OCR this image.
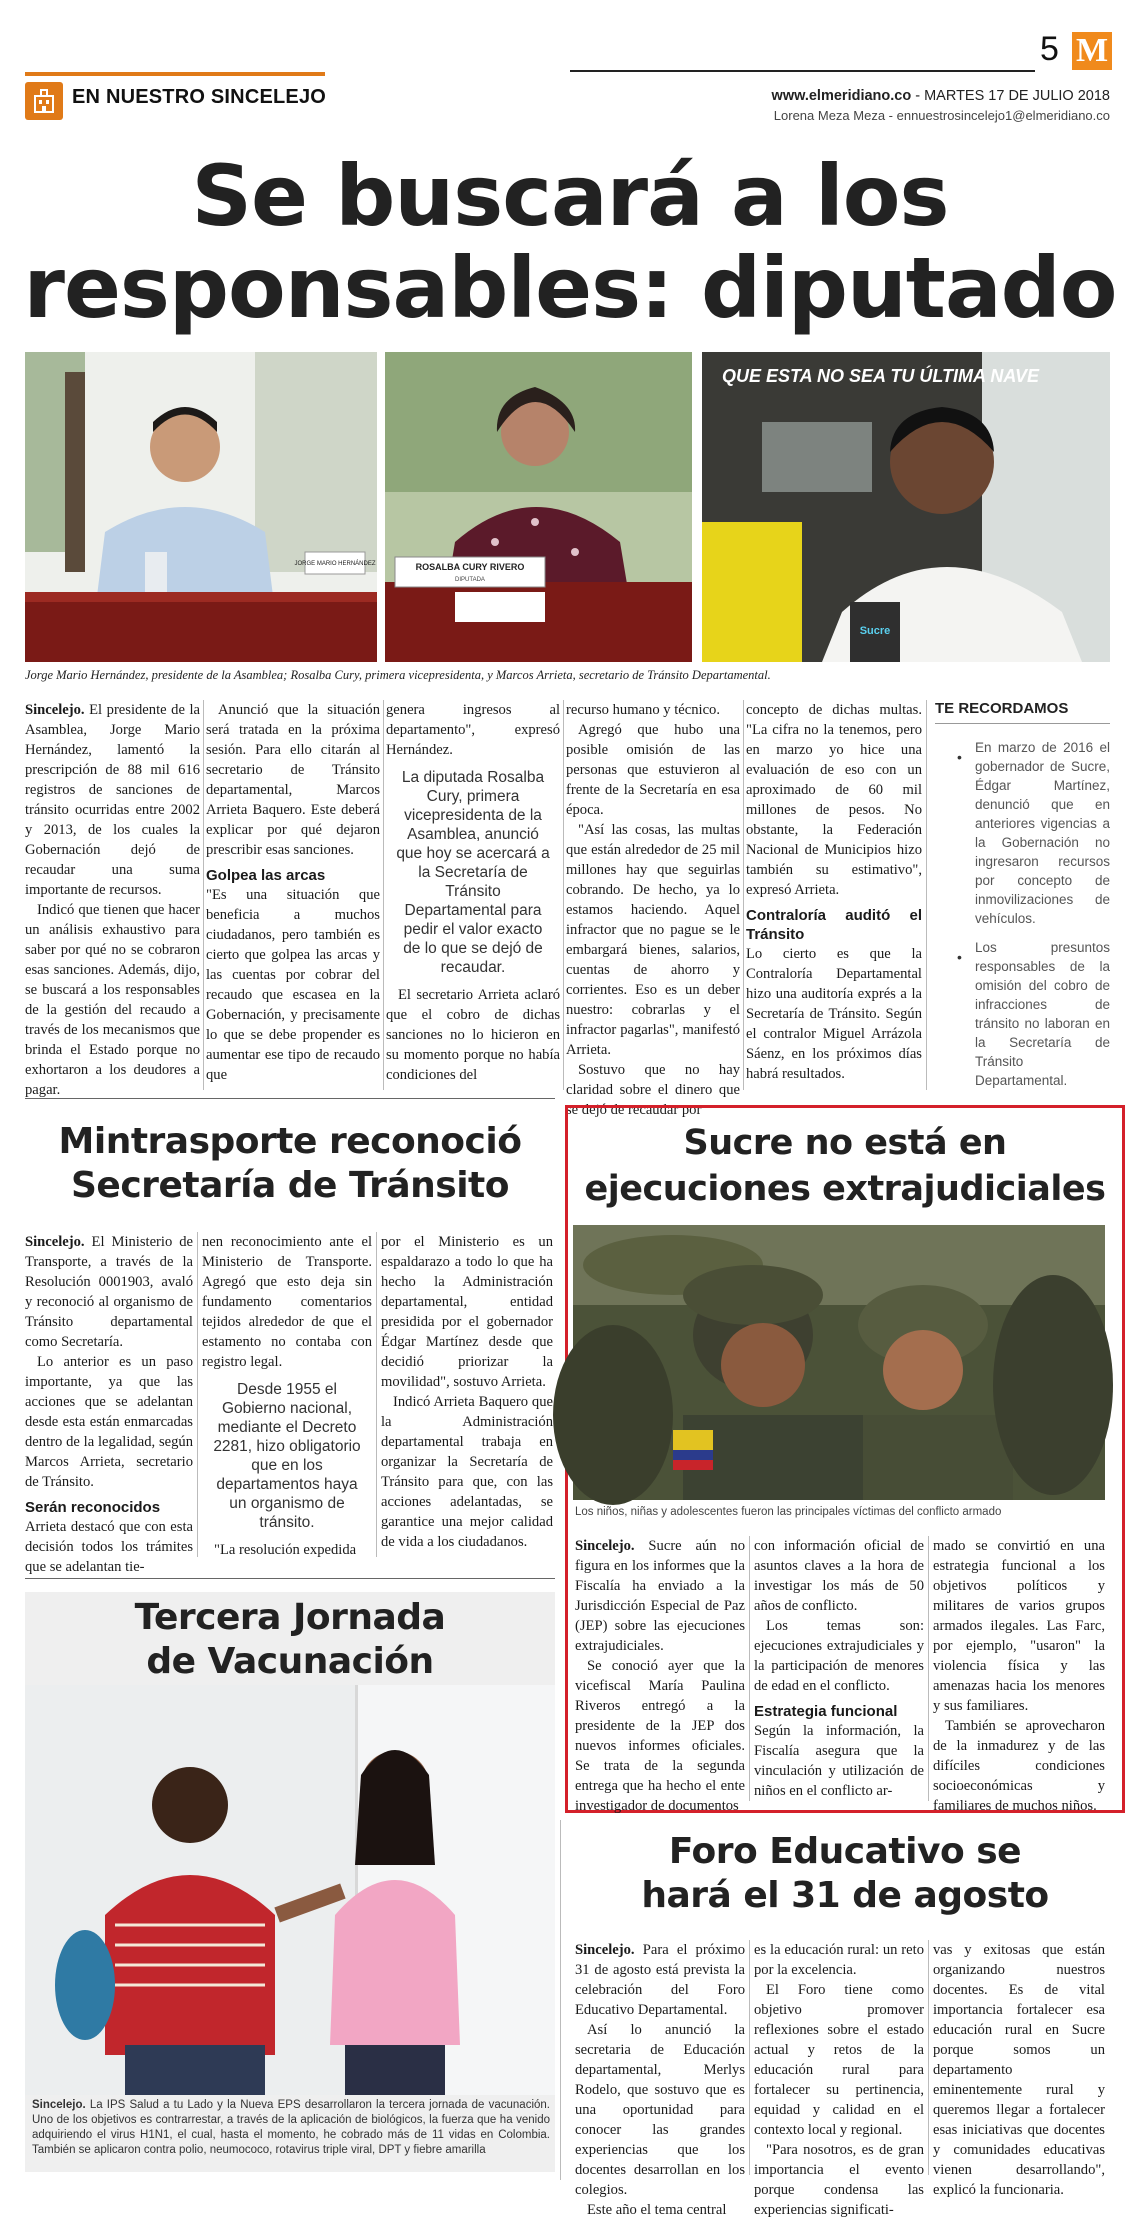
EN NUESTRO SINCELEJO
5 M
www.elmeridiano.co - MARTES 17 DE JULIO 2018
Lorena Meza Meza - ennuestrosincelejo1@elmeridiano.co
Se buscará a los
responsables: diputado
JORGE MARIO HERNÁNDEZ	ROSALBA CURY RIVERO
DIPUTADA
QUE ESTA NO SEA TU ÚLTIMA NAVE
Sucre
Jorge Mario Hernández, presidente de la Asamblea; Rosalba Cury, primera vicepresidenta, y Marcos Arrieta, secretario de Tránsito Departamental.

Sincelejo. El presidente de la Asamblea, Jorge Mario Hernández, lamentó la prescripción de 88 mil 616 registros de sanciones de tránsito ocurridas entre 2002 y 2013, de los cuales la Gobernación dejó de recaudar una suma importante de recursos.

Indicó que tienen que hacer un análisis exhaustivo para saber por qué no se cobraron esas sanciones. Además, dijo, se buscará a los responsables de la gestión del recaudo a través de los mecanismos que brinda el Estado porque no exhortaron a los deudores a pagar.

Anunció que la situación será tratada en la próxima sesión. Para ello citarán al secretario de Tránsito departamental, Marcos Arrieta Baquero. Este deberá explicar por qué dejaron prescribir esas sanciones.

Golpea las arcas

"Es una situación que beneficia a muchos ciudadanos, pero también es cierto que golpea las arcas y las cuentas por cobrar del recaudo que escasea en la Gobernación, y precisamente lo que se debe propender es aumentar ese tipo de recaudo que

genera ingresos al departamento", expresó Hernández.

La diputada Rosalba Cury, primera vicepresidenta de la Asamblea, anunció que hoy se acercará a la Secretaría de Tránsito Departamental para pedir el valor exacto de lo que se dejó de recaudar.

El secretario Arrieta aclaró que el cobro de dichas sanciones no lo hicieron en su momento porque no había condiciones del

recurso humano y técnico.

Agregó que hubo una posible omisión de las personas que estuvieron al frente de la Secretaría en esa época.

"Así las cosas, las multas que están alrededor de 25 mil millones hay que seguirlas cobrando. De hecho, ya lo estamos haciendo. Aquel infractor que no pague se le embargará bienes, salarios, cuentas de ahorro y corrientes. Eso es un deber nuestro: cobrarlas y el infractor pagarlas", manifestó Arrieta.

Sostuvo que no hay claridad sobre el dinero que se dejó de recaudar por

concepto de dichas multas. "La cifra no la tenemos, pero en marzo yo hice una evaluación de eso con un aproximado de 60 mil millones de pesos. No obstante, la Federación Nacional de Municipios hizo también su estimativo", expresó Arrieta.

Contraloría auditó el Tránsito

Lo cierto es que la Contraloría Departamental hizo una auditoría exprés a la Secretaría de Tránsito. Según el contralor Miguel Arrázola Sáenz, en los próximos días habrá resultados.

TE RECORDAMOS
• En marzo de 2016 el gobernador de Sucre, Édgar Martínez, denunció que en anteriores vigencias a la Gobernación no ingresaron recursos por concepto de inmovilizaciones de vehículos.
• Los presuntos responsables de la omisión del cobro de infracciones de tránsito no laboran en la Secretaría de Tránsito Departamental.
Mintrasporte reconoció
Secretaría de Tránsito

Sincelejo. El Ministerio de Transporte, a través de la Resolución 0001903, avaló y reconoció al organismo de Tránsito departamental como Secretaría.

Lo anterior es un paso importante, ya que las acciones que se adelantan desde esta están enmarcadas dentro de la legalidad, según Marcos Arrieta, secretario de Tránsito.

Serán reconocidos

Arrieta destacó que con esta decisión todos los trámites que se adelantan tie-

nen reconocimiento ante el Ministerio de Transporte. Agregó que esto deja sin fundamento comentarios tejidos alrededor de que el estamento no contaba con registro legal.

Desde 1955 el Gobierno nacional, mediante el Decreto 2281, hizo obligatorio que en los departamentos haya un organismo de tránsito.

"La resolución expedida

por el Ministerio es un espaldarazo a todo lo que ha hecho la Administración departamental, entidad presidida por el gobernador Édgar Martínez desde que decidió priorizar la movilidad", sostuvo Arrieta.

Indicó Arrieta Baquero que la Administración departamental trabaja en organizar la Secretaría de Tránsito para que, con las acciones adelantadas, se garantice una mejor calidad de vida a los ciudadanos.

Sucre no está en
ejecuciones extrajudiciales
Los niños, niñas y adolescentes fueron las principales víctimas del conflicto armado

Sincelejo. Sucre aún no figura en los informes que la Fiscalía ha enviado a la Jurisdicción Especial de Paz (JEP) sobre las ejecuciones extrajudiciales.

Se conoció ayer que la vicefiscal María Paulina Riveros entregó a la presidente de la JEP dos nuevos informes oficiales. Se trata de la segunda entrega que ha hecho el ente investigador de documentos

con información oficial de asuntos claves a la hora de investigar los más de 50 años de conflicto.

Los temas son: ejecuciones extrajudiciales y la participación de menores de edad en el conflicto.

Estrategia funcional

Según la información, la Fiscalía asegura que la vinculación y utilización de niños en el conflicto ar-

mado se convirtió en una estrategia funcional a los objetivos políticos y militares de varios grupos armados ilegales. Las Farc, por ejemplo, "usaron" la violencia física y las amenazas hacia los menores y sus familiares.

También se aprovecharon de la inmadurez y de las difíciles condiciones socioeconómicas y familiares de muchos niños.

Tercera Jornada
de Vacunación
Sincelejo. La IPS Salud a tu Lado y la Nueva EPS desarrollaron la tercera jornada de vacunación. Uno de los objetivos es contrarrestar, a través de la aplicación de biológicos, la fuerza que ha venido adquiriendo el virus H1N1, el cual, hasta el momento, he cobrado más de 11 vidas en Colombia. También se aplicaron contra polio, neumococo, rotavirus triple viral, DPT y fiebre amarilla
Foro Educativo se
hará el 31 de agosto

Sincelejo. Para el próximo 31 de agosto está prevista la celebración del Foro Educativo Departamental.

Así lo anunció la secretaria de Educación departamental, Merlys Rodelo, que sostuvo que es una oportunidad para conocer las grandes experiencias que los docentes desarrollan en los colegios.

Este año el tema central

es la educación rural: un reto por la excelencia.

El Foro tiene como objetivo promover reflexiones sobre el estado actual y retos de la educación rural para fortalecer su pertinencia, equidad y calidad en el contexto local y regional.

"Para nosotros, es de gran importancia el evento porque condensa las experiencias significati-

vas y exitosas que están organizando nuestros docentes. Es de vital importancia fortalecer esa educación rural en Sucre porque somos un departamento eminentemente rural y queremos llegar a fortalecer esas iniciativas que docentes y comunidades educativas vienen desarrollando", explicó la funcionaria.
